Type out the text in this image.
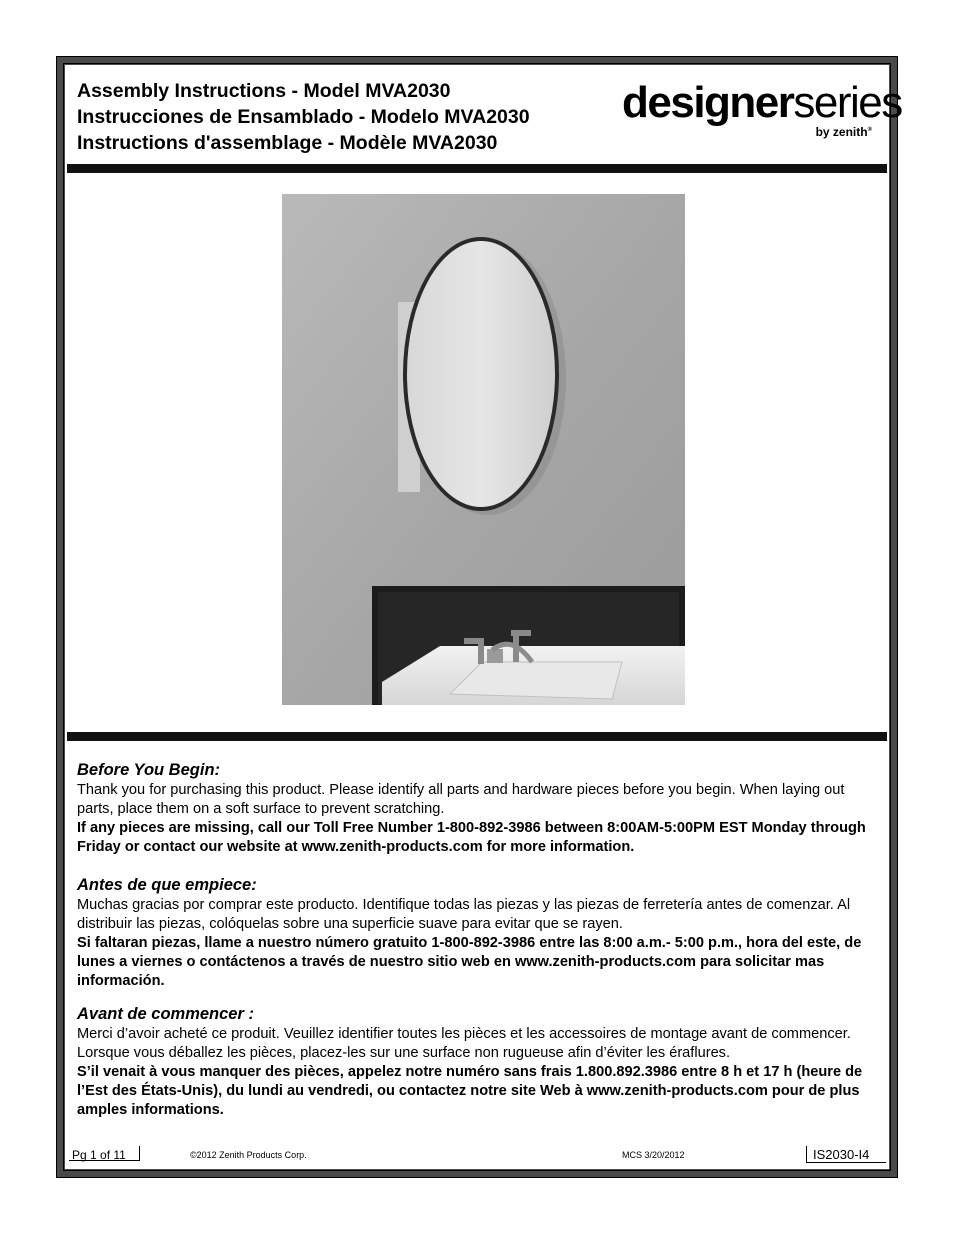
Assembly Instructions - Model MVA2030
Instrucciones de Ensamblado - Modelo MVA2030
Instructions d'assemblage - Modèle MVA2030
designerseries
by zenith®
Before You Begin:

Thank you for purchasing this product. Please identify all parts and hardware pieces before you begin. When laying out parts, place them on a soft surface to prevent scratching.

If any pieces are missing, call our Toll Free Number 1-800-892-3986 between 8:00AM-5:00PM EST Monday through Friday or contact our website at www.zenith-products.com for more information.

Antes de que empiece:

Muchas gracias por comprar este producto. Identifique todas las piezas y las piezas de ferretería antes de comenzar. Al distribuir las piezas, colóquelas sobre una superficie suave para evitar que se rayen.

Si faltaran piezas, llame a nuestro número gratuito 1-800-892-3986 entre las 8:00 a.m.- 5:00 p.m., hora del este, de lunes a viernes o contáctenos a través de nuestro sitio web en www.zenith-products.com para solicitar mas información.

Avant de commencer :

Merci d’avoir acheté ce produit. Veuillez identifier toutes les pièces et les accessoires de montage avant de commencer. Lorsque vous déballez les pièces, placez-les sur une surface non rugueuse afin d’éviter les éraflures.

S’il venait à vous manquer des pièces, appelez notre numéro sans frais 1.800.892.3986 entre 8 h et 17 h (heure de l’Est des États-Unis), du lundi au vendredi, ou contactez notre site Web à www.zenith-products.com pour de plus amples informations.

Pg 1 of 11	©2012 Zenith Products Corp.	MCS 3/20/2012	IS2030-I4
